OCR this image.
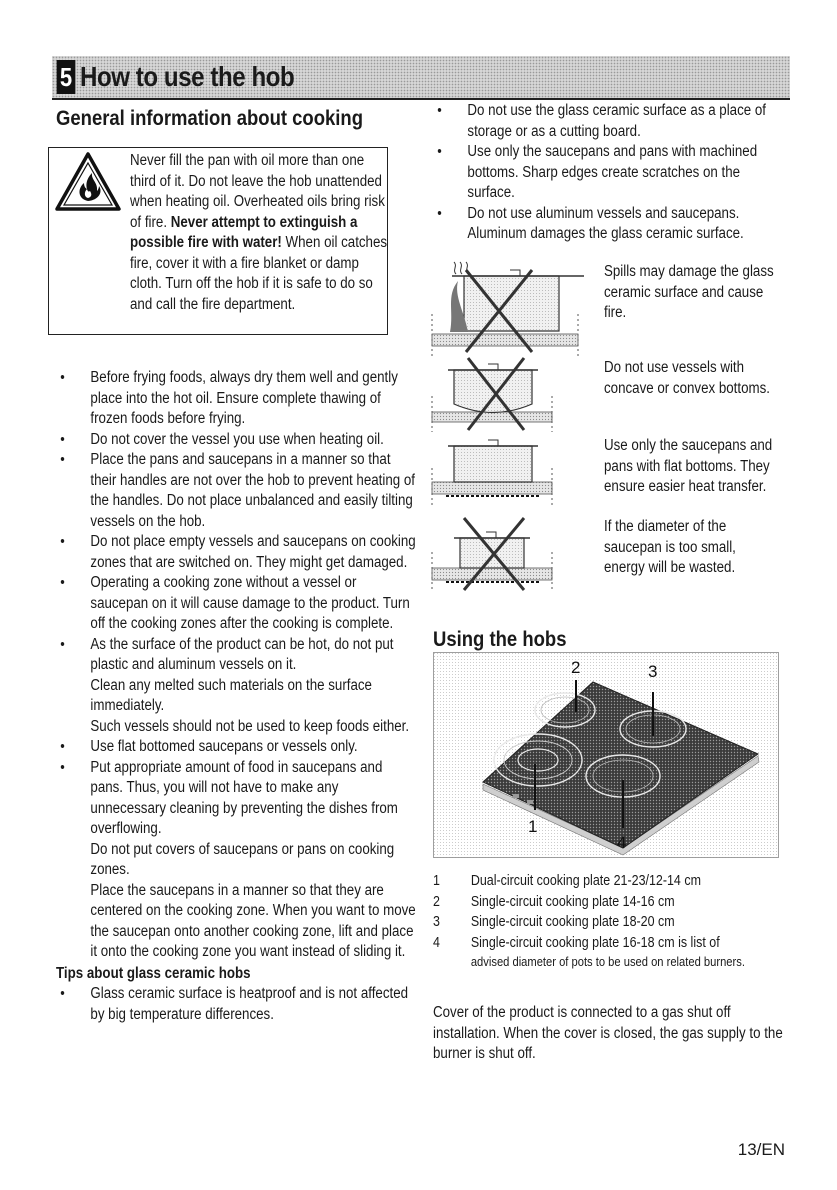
5 How to use the hob
General information about cooking
Never fill the pan with oil more than one third of it. Do not leave the hob unattended when heating oil. Overheated oils bring risk of fire. Never attempt to extinguish a possible fire with water! When oil catches fire, cover it with a fire blanket or damp cloth. Turn off the hob if it is safe to do so and call the fire department.
• Before frying foods, always dry them well and gently place into the hot oil. Ensure complete thawing of frozen foods before frying.
• Do not cover the vessel you use when heating oil.
• Place the pans and saucepans in a manner so that their handles are not over the hob to prevent heating of the handles. Do not place unbalanced and easily tilting vessels on the hob.
• Do not place empty vessels and saucepans on cooking zones that are switched on. They might get damaged.
• Operating a cooking zone without a vessel or saucepan on it will cause damage to the product. Turn off the cooking zones after the cooking is complete.
• As the surface of the product can be hot, do not put plastic and aluminum vessels on it.
Clean any melted such materials on the surface immediately.
Such vessels should not be used to keep foods either.
• Use flat bottomed saucepans or vessels only.
• Put appropriate amount of food in saucepans and pans. Thus, you will not have to make any unnecessary cleaning by preventing the dishes from overflowing.
Do not put covers of saucepans or pans on cooking zones.
Place the saucepans in a manner so that they are centered on the cooking zone. When you want to move the saucepan onto another cooking zone, lift and place it onto the cooking zone you want instead of sliding it.
Tips about glass ceramic hobs
• Glass ceramic surface is heatproof and is not affected by big temperature differences.
• Do not use the glass ceramic surface as a place of storage or as a cutting board.
• Use only the saucepans and pans with machined bottoms. Sharp edges create scratches on the surface.
• Do not use aluminum vessels and saucepans. Aluminum damages the glass ceramic surface.
Spills may damage the glass ceramic surface and cause fire.
Do not use vessels with concave or convex bottoms.
Use only the saucepans and pans with flat bottoms. They ensure easier heat transfer.
If the diameter of the saucepan is too small, energy will be wasted.
Using the hobs
2	3
1
4
1	Dual-circuit cooking plate 21-23/12-14 cm
2	Single-circuit cooking plate 14-16 cm
3	Single-circuit cooking plate 18-20 cm
4	Single-circuit cooking plate 16-18 cm is list of
advised diameter of pots to be used on related burners.
Cover of the product is connected to a gas shut off installation. When the cover is closed, the gas supply to the burner is shut off.
13/EN
